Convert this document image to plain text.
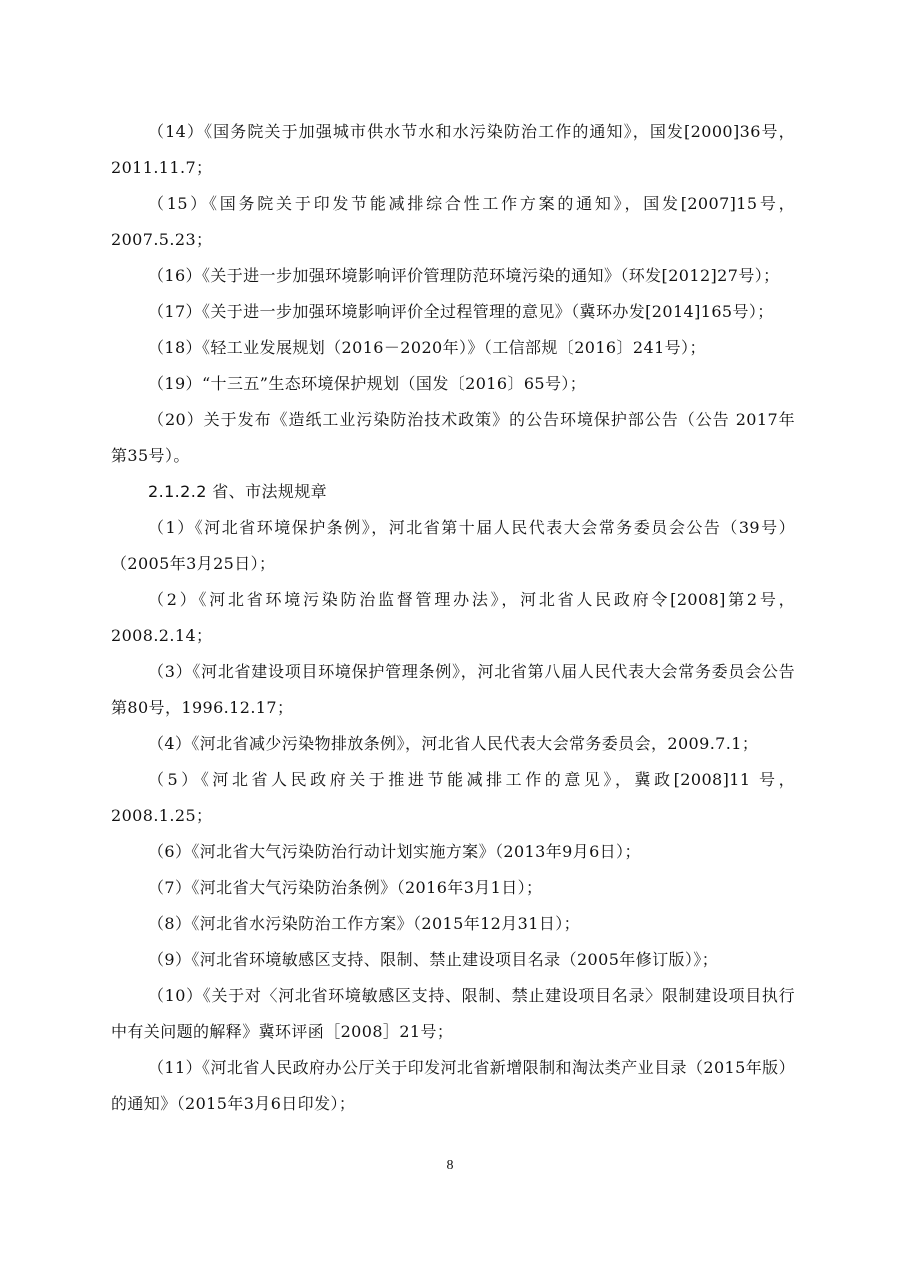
（14）《国务院关于加强城市供水节水和水污染防治工作的通知》，国发[2000]36号，2011.11.7；

（15）《国务院关于印发节能减排综合性工作方案的通知》，国发[2007]15号，2007.5.23；

（16）《关于进一步加强环境影响评价管理防范环境污染的通知》（环发[2012]27号）；

（17）《关于进一步加强环境影响评价全过程管理的意见》（冀环办发[2014]165号）；

（18）《轻工业发展规划（2016－2020年）》（工信部规〔2016〕241号）；

（19）“十三五”生态环境保护规划（国发〔2016〕65号）；

（20）关于发布《造纸工业污染防治技术政策》的公告环境保护部公告（公告 2017年 第35号）。

2.1.2.2 省、市法规规章

（1）《河北省环境保护条例》，河北省第十届人民代表大会常务委员会公告（39号）（2005年3月25日）；

（2）《河北省环境污染防治监督管理办法》，河北省人民政府令[2008]第2号，2008.2.14；

（3）《河北省建设项目环境保护管理条例》，河北省第八届人民代表大会常务委员会公告第80号，1996.12.17；

（4）《河北省减少污染物排放条例》，河北省人民代表大会常务委员会，2009.7.1；

（5）《河北省人民政府关于推进节能减排工作的意见》，冀政[2008]11 号，2008.1.25；

（6）《河北省大气污染防治行动计划实施方案》（2013年9月6日）；

（7）《河北省大气污染防治条例》（2016年3月1日）；

（8）《河北省水污染防治工作方案》（2015年12月31日）；

（9）《河北省环境敏感区支持、限制、禁止建设项目名录（2005年修订版）》；

（10）《关于对〈河北省环境敏感区支持、限制、禁止建设项目名录〉限制建设项目执行中有关问题的解释》冀环评函［2008］21号；

（11）《河北省人民政府办公厅关于印发河北省新增限制和淘汰类产业目录（2015年版）的通知》（2015年3月6日印发）；

8
